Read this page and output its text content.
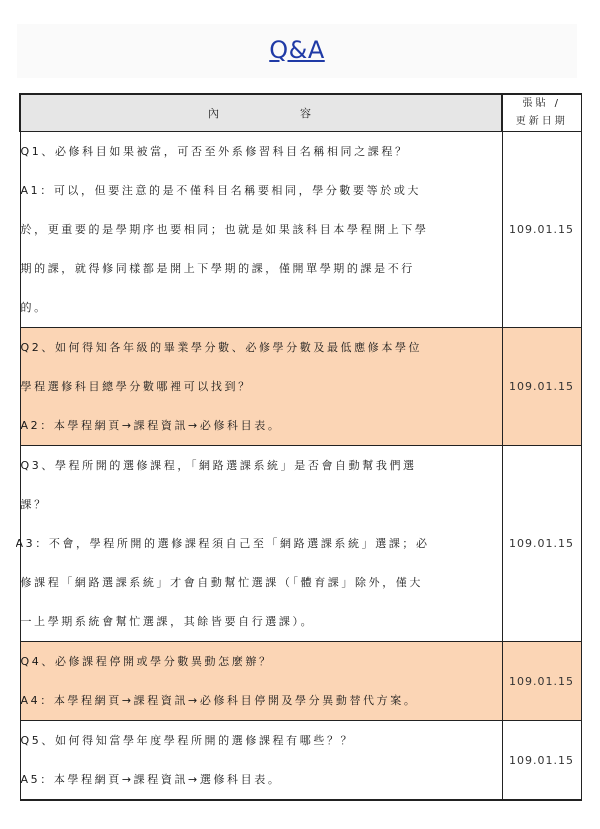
Q&A
內 容	張貼 /
更新日期

Q1、必修科目如果被當，可否至外系修習科目名稱相同之課程？
A1：可以，但要注意的是不僅科目名稱要相同，學分數要等於或大
於，更重要的是學期序也要相同；也就是如果該科目本學程開上下學
期的課，就得修同樣都是開上下學期的課，僅開單學期的課是不行
的。	109.01.15

Q2、如何得知各年級的畢業學分數、必修學分數及最低應修本學位
學程選修科目總學分數哪裡可以找到？
A2：本學程網頁→課程資訊→必修科目表。	109.01.15

Q3、學程所開的選修課程，「網路選課系統」是否會自動幫我們選
課？
A3：不會，學程所開的選修課程須自己至「網路選課系統」選課；必
修課程「網路選課系統」才會自動幫忙選課（「體育課」除外，僅大
一上學期系統會幫忙選課，其餘皆要自行選課）。	109.01.15

Q4、必修課程停開或學分數異動怎麼辦？
A4：本學程網頁→課程資訊→必修科目停開及學分異動替代方案。	109.01.15

Q5、如何得知當學年度學程所開的選修課程有哪些？？
A5：本學程網頁→課程資訊→選修科目表。	109.01.15
